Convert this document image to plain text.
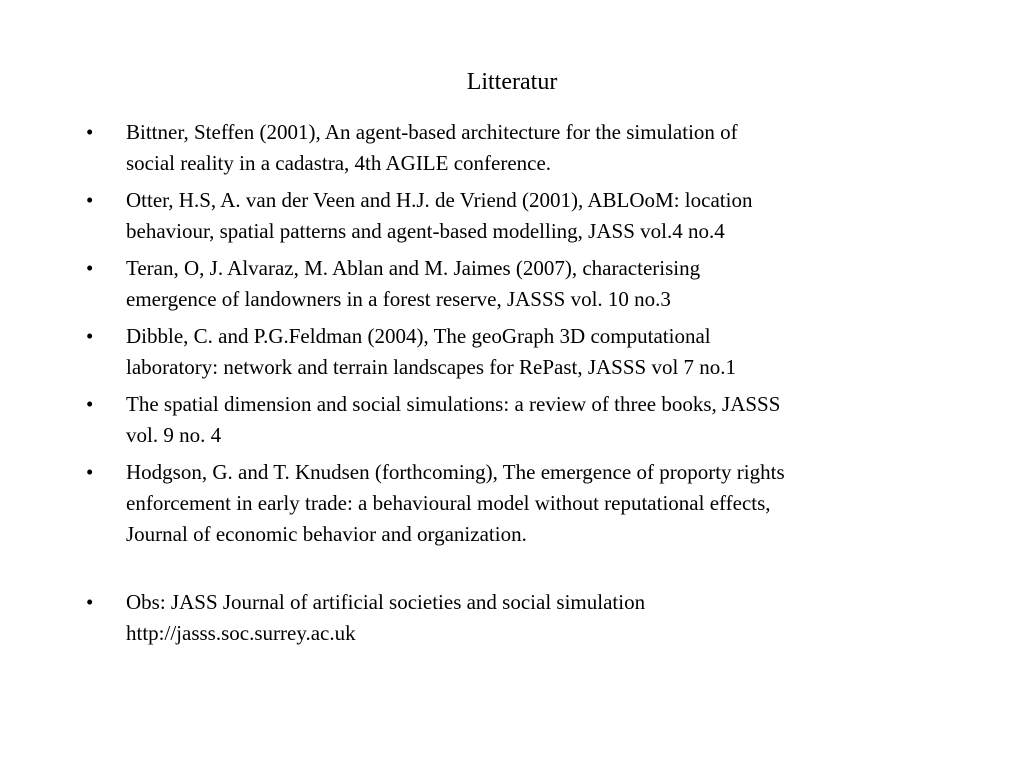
Litteratur
•	Bittner, Steffen (2001), An agent-based architecture for the simulation of
social reality in a cadastra, 4th AGILE conference.
•	Otter, H.S, A. van der Veen and H.J. de Vriend (2001), ABLOoM: location
behaviour, spatial patterns and agent-based modelling, JASS vol.4 no.4
•	Teran, O, J. Alvaraz, M. Ablan and M. Jaimes (2007), characterising
emergence of landowners in a forest reserve, JASSS vol. 10 no.3
•	Dibble, C. and P.G.Feldman (2004), The geoGraph 3D computational
laboratory: network and terrain landscapes for RePast, JASSS vol 7 no.1
•	The spatial dimension and social simulations: a review of three books, JASSS
vol. 9 no. 4
•	Hodgson, G. and T. Knudsen (forthcoming), The emergence of proporty rights
enforcement in early trade: a behavioural model without reputational effects,
Journal of economic behavior and organization.
•	Obs: JASS Journal of artificial societies and social simulation
http://jasss.soc.surrey.ac.uk
